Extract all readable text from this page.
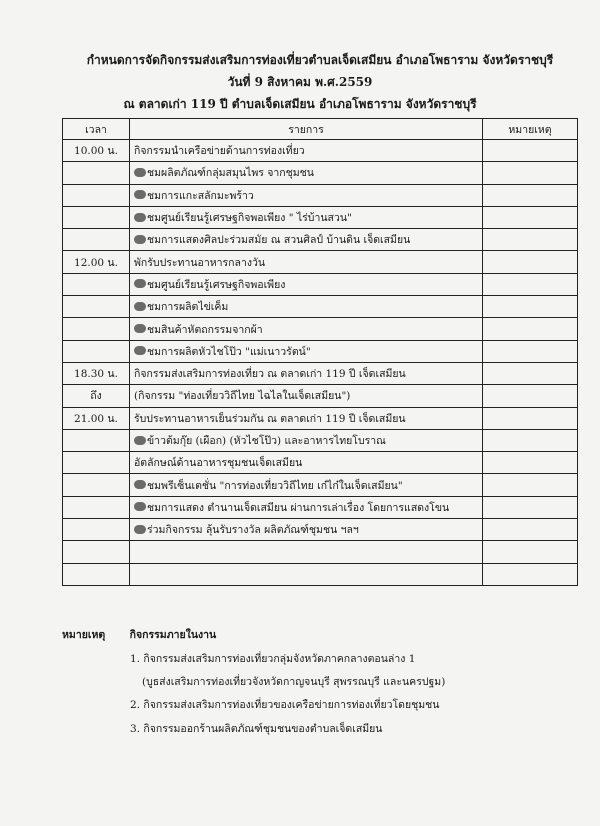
กำหนดการจัดกิจกรรมส่งเสริมการท่องเที่ยวตำบลเจ็ดเสมียน อำเภอโพธาราม จังหวัดราชบุรี
วันที่ 9 สิงหาคม พ.ศ.2559
ณ ตลาดเก่า 119 ปี ตำบลเจ็ดเสมียน อำเภอโพธาราม จังหวัดราชบุรี
เวลา	รายการ	หมายเหตุ
10.00 น.	กิจกรรมนำเครือข่ายด้านการท่องเที่ยว	
	ชมผลิตภัณฑ์กลุ่มสมุนไพร จากชุมชน	
	ชมการแกะสลักมะพร้าว	
	ชมศูนย์เรียนรู้เศรษฐกิจพอเพียง " ไร่บ้านสวน"	
	ชมการแสดงศิลปะร่วมสมัย ณ สวนศิลป์ บ้านดิน เจ็ดเสมียน	
12.00 น.	พักรับประทานอาหารกลางวัน	
	ชมศูนย์เรียนรู้เศรษฐกิจพอเพียง	
	ชมการผลิตไข่เค็ม	
	ชมสินค้าหัตถกรรมจากผ้า	
	ชมการผลิตหัวไชโป๊ว "แม่เนาวรัตน์"	
18.30 น.	กิจกรรมส่งเสริมการท่องเที่ยว ณ ตลาดเก่า 119 ปี เจ็ดเสมียน	
ถึง	(กิจกรรม "ท่องเที่ยววิถีไทย ไฉไลในเจ็ดเสมียน")	
21.00 น.	รับประทานอาหารเย็นร่วมกัน ณ ตลาดเก่า 119 ปี เจ็ดเสมียน	
	ข้าวต้มกุ๊ย (เผือก) (หัวไชโป๊ว) และอาหารไทยโบราณ	
	อัตลักษณ์ด้านอาหารชุมชนเจ็ดเสมียน	
	ชมพรีเซ็นเตชั่น "การท่องเที่ยววิถีไทย เก๋ไก๋ในเจ็ดเสมียน"	
	ชมการแสดง ตำนานเจ็ดเสมียน ผ่านการเล่าเรื่อง โดยการแสดงโขน	
	ร่วมกิจกรรม ลุ้นรับรางวัล ผลิตภัณฑ์ชุมชน ฯลฯ	

หมายเหตุ กิจกรรมภายในงาน
1. กิจกรรมส่งเสริมการท่องเที่ยวกลุ่มจังหวัดภาคกลางตอนล่าง 1
(บูธส่งเสริมการท่องเที่ยวจังหวัดกาญจนบุรี สุพรรณบุรี และนครปฐม)
2. กิจกรรมส่งเสริมการท่องเที่ยวของเครือข่ายการท่องเที่ยวโดยชุมชน
3. กิจกรรมออกร้านผลิตภัณฑ์ชุมชนของตำบลเจ็ดเสมียน
